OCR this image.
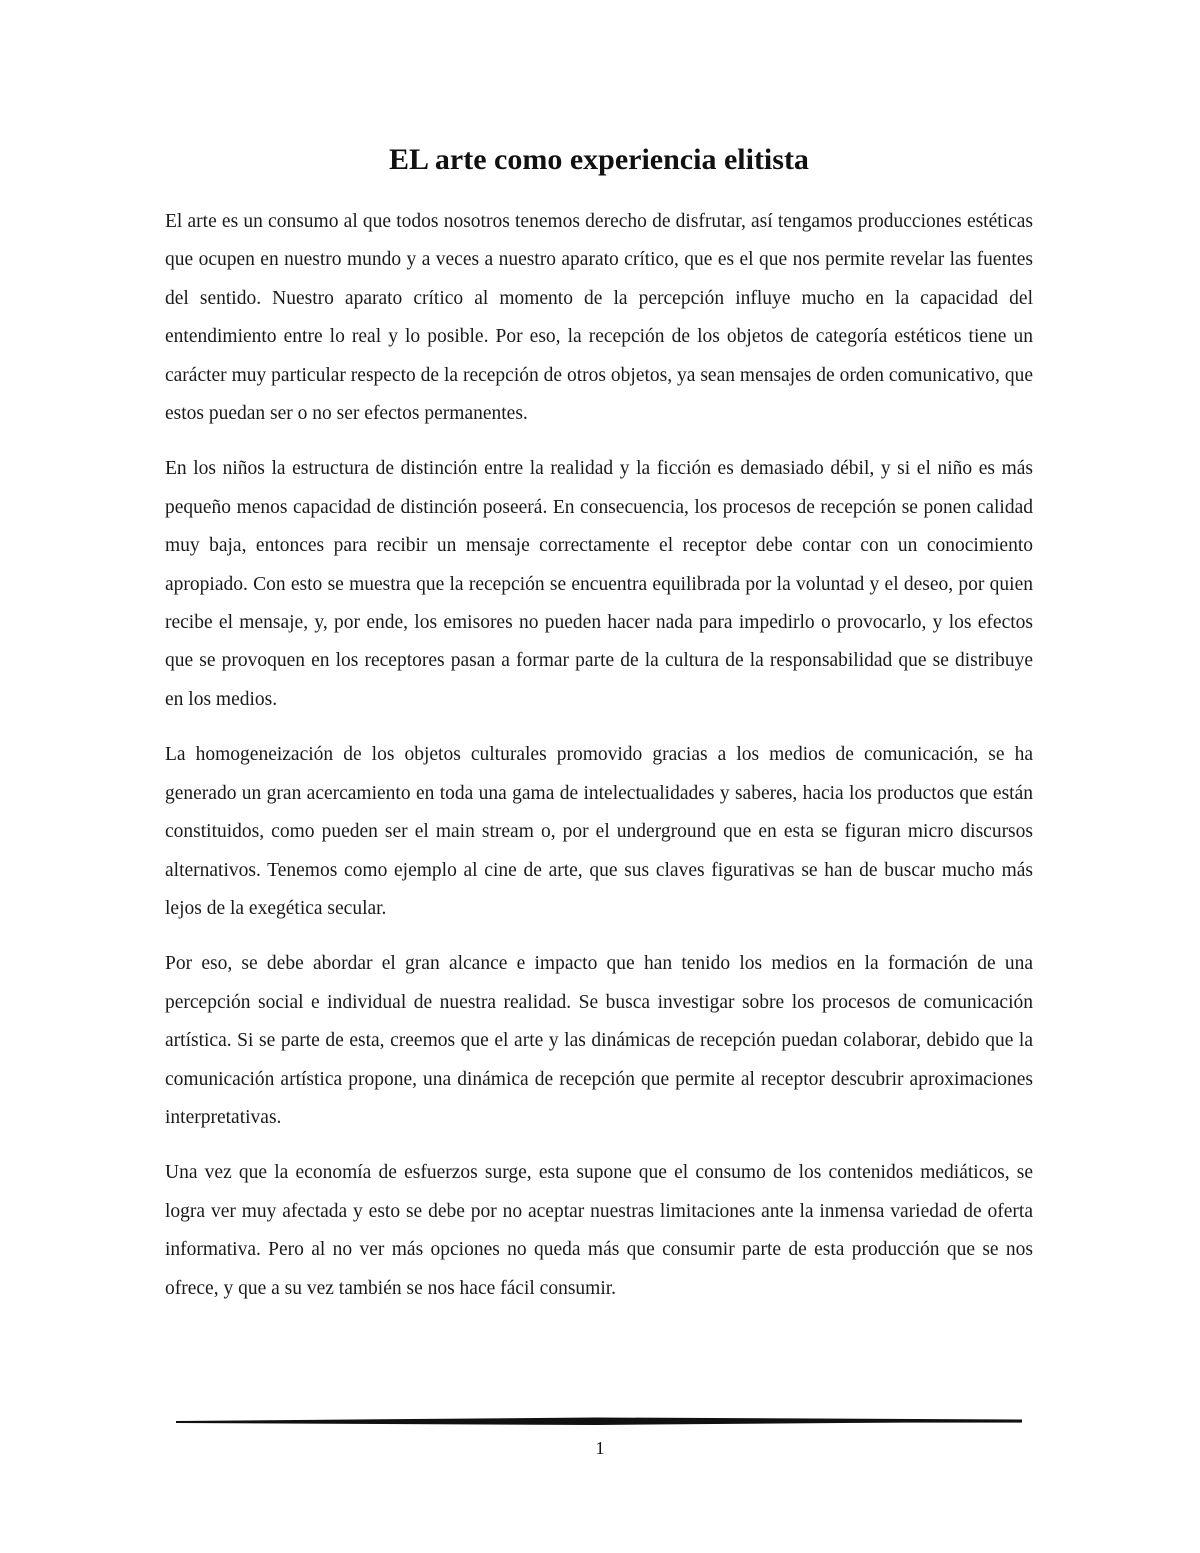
EL arte como experiencia elitista

El arte es un consumo al que todos nosotros tenemos derecho de disfrutar, así tengamos producciones estéticas que ocupen en nuestro mundo y a veces a nuestro aparato crítico, que es el que nos permite revelar las fuentes del sentido. Nuestro aparato crítico al momento de la percepción influye mucho en la capacidad del entendimiento entre lo real y lo posible. Por eso, la recepción de los objetos de categoría estéticos tiene un carácter muy particular respecto de la recepción de otros objetos, ya sean mensajes de orden comunicativo, que estos puedan ser o no ser efectos permanentes.

En los niños la estructura de distinción entre la realidad y la ficción es demasiado débil, y si el niño es más pequeño menos capacidad de distinción poseerá. En consecuencia, los procesos de recepción se ponen calidad muy baja, entonces para recibir un mensaje correctamente el receptor debe contar con un conocimiento apropiado. Con esto se muestra que la recepción se encuentra equilibrada por la voluntad y el deseo, por quien recibe el mensaje, y, por ende, los emisores no pueden hacer nada para impedirlo o provocarlo, y los efectos que se provoquen en los receptores pasan a formar parte de la cultura de la responsabilidad que se distribuye en los medios.

La homogeneización de los objetos culturales promovido gracias a los medios de comunicación, se ha generado un gran acercamiento en toda una gama de intelectualidades y saberes, hacia los productos que están constituidos, como pueden ser el main stream o, por el underground que en esta se figuran micro discursos alternativos. Tenemos como ejemplo al cine de arte, que sus claves figurativas se han de buscar mucho más lejos de la exegética secular.

Por eso, se debe abordar el gran alcance e impacto que han tenido los medios en la formación de una percepción social e individual de nuestra realidad. Se busca investigar sobre los procesos de comunicación artística. Si se parte de esta, creemos que el arte y las dinámicas de recepción puedan colaborar, debido que la comunicación artística propone, una dinámica de recepción que permite al receptor descubrir aproximaciones interpretativas.

Una vez que la economía de esfuerzos surge, esta supone que el consumo de los contenidos mediáticos, se logra ver muy afectada y esto se debe por no aceptar nuestras limitaciones ante la inmensa variedad de oferta informativa. Pero al no ver más opciones no queda más que consumir parte de esta producción que se nos ofrece, y que a su vez también se nos hace fácil consumir.

1
